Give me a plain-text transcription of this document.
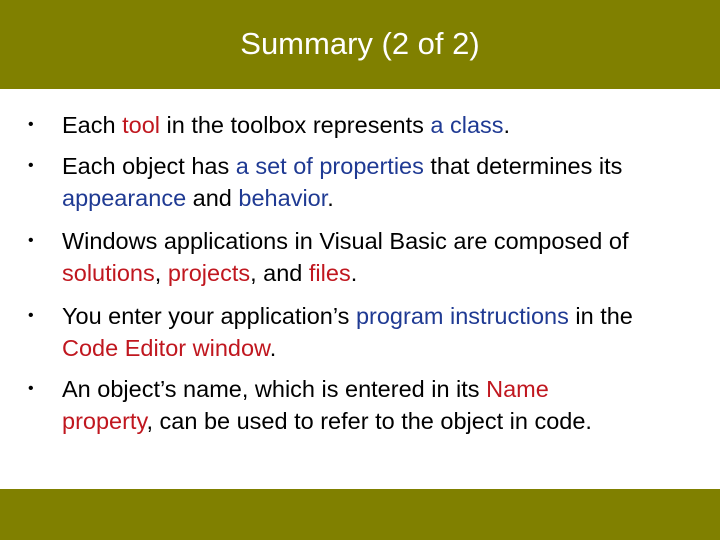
Summary (2 of 2)
• Each tool in the toolbox represents a class.
• Each object has a set of properties that determines its
appearance and behavior.
• Windows applications in Visual Basic are composed of
solutions, projects, and files.
• You enter your application’s program instructions in the
Code Editor window.
• An object’s name, which is entered in its Name
property, can be used to refer to the object in code.
